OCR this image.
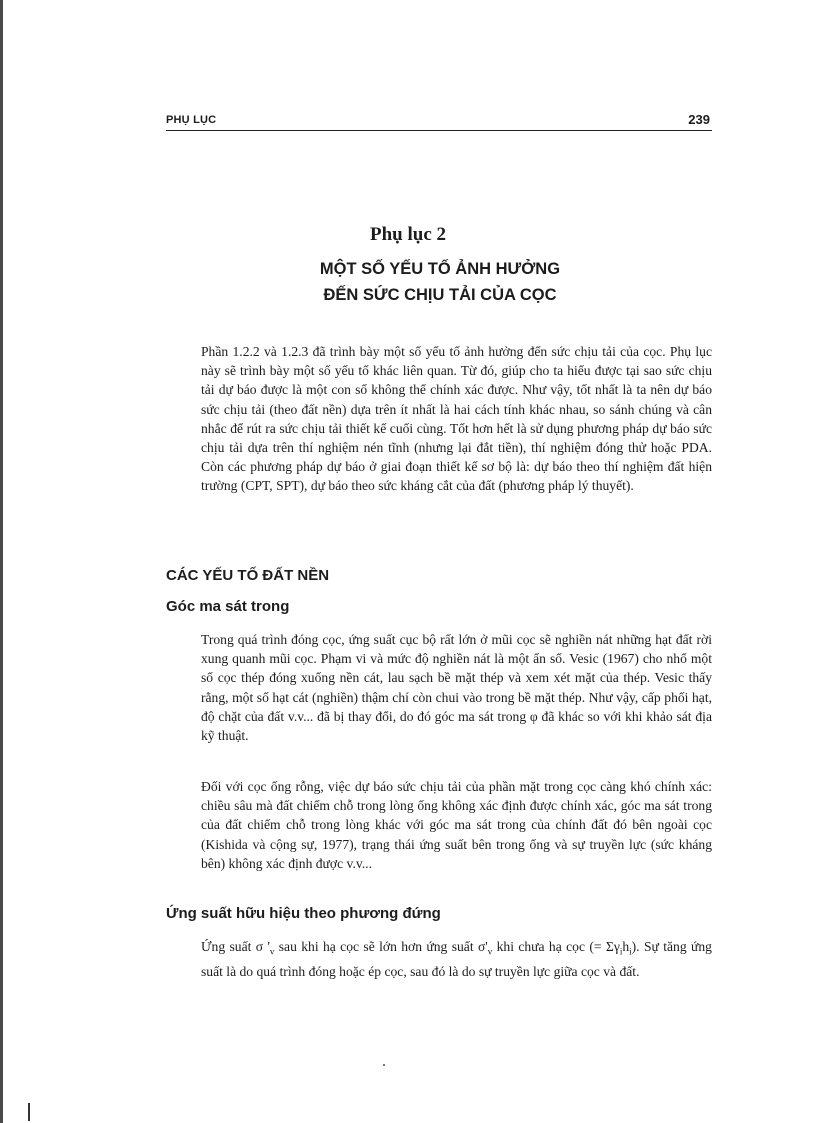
PHỤ LỤC	239
Phụ lục 2
MỘT SỐ YẾU TỐ ẢNH HƯỞNG
ĐẾN SỨC CHỊU TẢI CỦA CỌC

Phần 1.2.2 và 1.2.3 đã trình bày một số yếu tố ảnh hưởng đến sức chịu tải của cọc. Phụ lục này sẽ trình bày một số yếu tố khác liên quan. Từ đó, giúp cho ta hiểu được tại sao sức chịu tải dự báo được là một con số không thể chính xác được. Như vậy, tốt nhất là ta nên dự báo sức chịu tải (theo đất nền) dựa trên ít nhất là hai cách tính khác nhau, so sánh chúng và cân nhắc để rút ra sức chịu tải thiết kế cuối cùng. Tốt hơn hết là sử dụng phương pháp dự báo sức chịu tải dựa trên thí nghiệm nén tĩnh (nhưng lại đắt tiền), thí nghiệm đóng thử hoặc PDA. Còn các phương pháp dự báo ở giai đoạn thiết kế sơ bộ là: dự báo theo thí nghiệm đất hiện trường (CPT, SPT), dự báo theo sức kháng cắt của đất (phương pháp lý thuyết).

CÁC YẾU TỐ ĐẤT NỀN
Góc ma sát trong

Trong quá trình đóng cọc, ứng suất cục bộ rất lớn ở mũi cọc sẽ nghiền nát những hạt đất rời xung quanh mũi cọc. Phạm vi và mức độ nghiền nát là một ẩn số. Vesic (1967) cho nhổ một số cọc thép đóng xuống nền cát, lau sạch bề mặt thép và xem xét mặt của thép. Vesic thấy rằng, một số hạt cát (nghiền) thậm chí còn chui vào trong bề mặt thép. Như vậy, cấp phối hạt, độ chặt của đất v.v... đã bị thay đổi, do đó góc ma sát trong φ đã khác so với khi khảo sát địa kỹ thuật.

Đối với cọc ống rỗng, việc dự báo sức chịu tải của phần mặt trong cọc càng khó chính xác: chiều sâu mà đất chiếm chỗ trong lòng ống không xác định được chính xác, góc ma sát trong của đất chiếm chỗ trong lòng khác với góc ma sát trong của chính đất đó bên ngoài cọc (Kishida và cộng sự, 1977), trạng thái ứng suất bên trong ống và sự truyền lực (sức kháng bên) không xác định được v.v...

Ứng suất hữu hiệu theo phương đứng

Ứng suất σ '$_v$ sau khi hạ cọc sẽ lớn hơn ứng suất $\sigma'_v$ khi chưa hạ cọc (= $\Sigma\gamma_ih_i$). Sự tăng ứng suất là do quá trình đóng hoặc ép cọc, sau đó là do sự truyền lực giữa cọc và đất.
